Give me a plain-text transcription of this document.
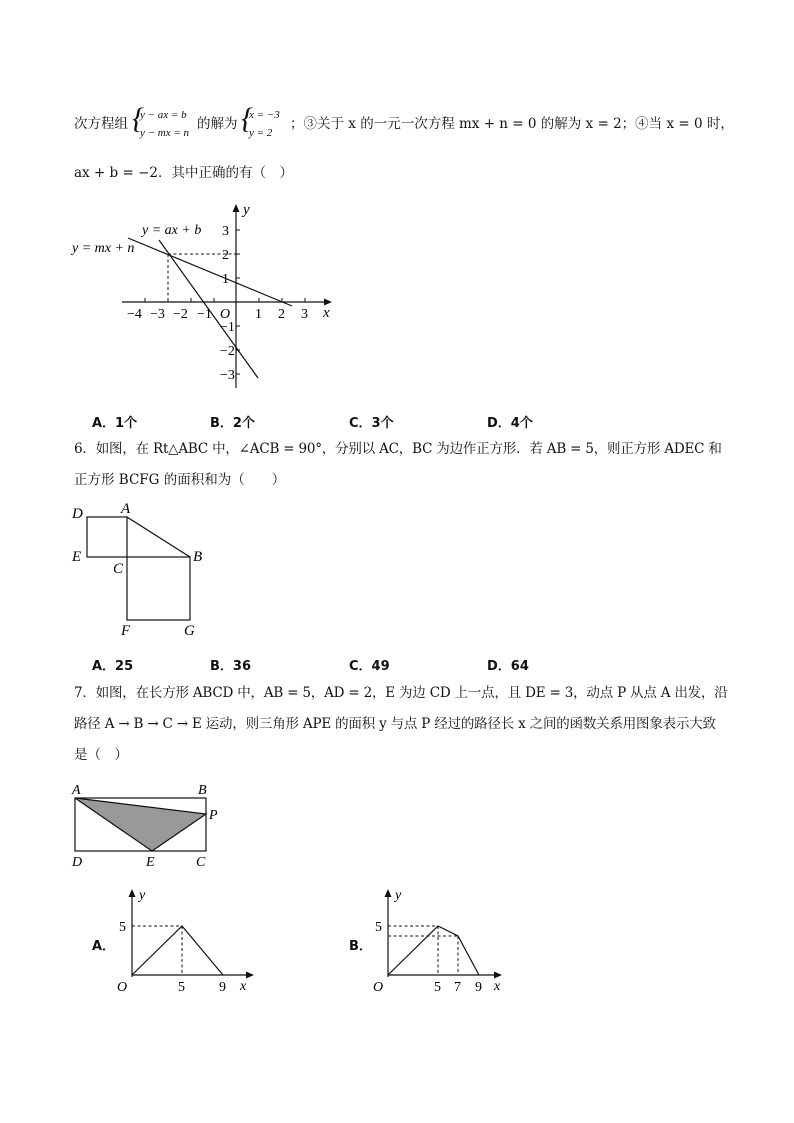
次方程组 {
y − ax = b
y − mx = n
的解为 {
x = −3
y = 2
；③关于 x 的一元一次方程 mx + n = 0 的解为 x = 2；④当 x = 0 时，
ax + b = −2．其中正确的有（　）
y = ax + b
y = mx + n
x
y
−4 −3 −2 −1 O 1 2 3
3
2
1
−1
−2
−3
A．1个	B．2个	C．3个	D．4个
6．如图，在 Rt△ABC 中，∠ACB = 90°，分别以 AC，BC 为边作正方形．若 AB = 5，则正方形 ADEC 和
正方形 BCFG 的面积和为（　　）
D	A
E
C
B
F	G
A．25	B．36	C．49	D．64
7．如图，在长方形 ABCD 中，AB = 5，AD = 2，E 为边 CD 上一点，且 DE = 3，动点 P 从点 A 出发，沿
路径 A → B → C → E 运动，则三角形 APE 的面积 y 与点 P 经过的路径长 x 之间的函数关系用图象表示大致
是（　）
A	B
P
D	E	C
A．
y
x
5
O	5 9
B．
y
x
5
O	5 7 9
